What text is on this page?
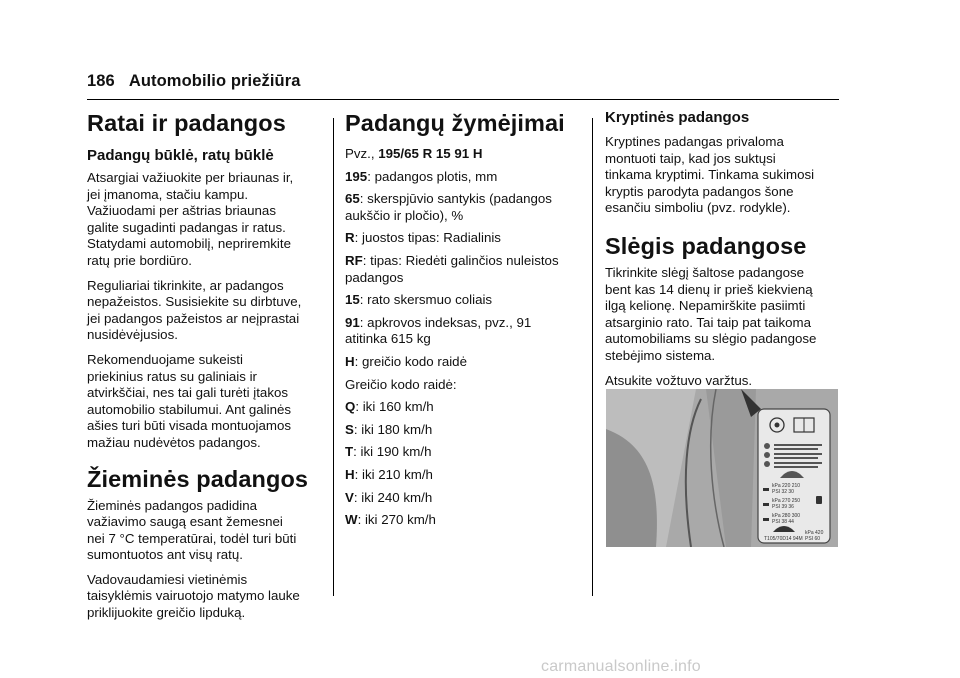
186 Automobilio priežiūra
Ratai ir padangos
Padangų būklė, ratų būklė
Atsargiai važiuokite per briaunas ir,
jei įmanoma, stačiu kampu.
Važiuodami per aštrias briaunas
galite sugadinti padangas ir ratus.
Statydami automobilį, nepriremkite
ratų prie bordiūro.
Reguliariai tikrinkite, ar padangos
nepažeistos. Susisiekite su dirbtuve,
jei padangos pažeistos ar neįprastai
nusidėvėjusios.
Rekomenduojame sukeisti
priekinius ratus su galiniais ir
atvirkščiai, nes tai gali turėti įtakos
automobilio stabilumui. Ant galinės
ašies turi būti visada montuojamos
mažiau nudėvėtos padangos.
Žieminės padangos
Žieminės padangos padidina
važiavimo saugą esant žemesnei
nei 7 °C temperatūrai, todėl turi būti
sumontuotos ant visų ratų.
Vadovaudamiesi vietinėmis
taisyklėmis vairuotojo matymo lauke
priklijuokite greičio lipduką.
Padangų žymėjimai
Pvz., 195/65 R 15 91 H
195: padangos plotis, mm
65: skerspjūvio santykis (padangos
aukščio ir pločio), %
R: juostos tipas: Radialinis
RF: tipas: Riedėti galinčios nuleistos
padangos
15: rato skersmuo coliais
91: apkrovos indeksas, pvz., 91
atitinka 615 kg
H: greičio kodo raidė
Greičio kodo raidė:
Q: iki 160 km/h
S: iki 180 km/h
T: iki 190 km/h
H: iki 210 km/h
V: iki 240 km/h
W: iki 270 km/h
Kryptinės padangos
Kryptines padangas privaloma
montuoti taip, kad jos suktųsi
tinkama kryptimi. Tinkama sukimosi
kryptis parodyta padangos šone
esančiu simboliu (pvz. rodykle).
Slėgis padangose
Tikrinkite slėgį šaltose padangose
bent kas 14 dienų ir prieš kiekvieną
ilgą kelionę. Nepamirškite pasiimti
atsarginio rato. Tai taip pat taikoma
automobiliams su slėgio padangose
stebėjimo sistema.
Atsukite vožtuvo varžtus.
kPa 220 210
PSI 32 30
kPa 270 250
PSI 39 36
kPa 280 300
PSI 38 44
T105/70D14 94M
kPa 420
PSI 60
carmanualsonline.info
